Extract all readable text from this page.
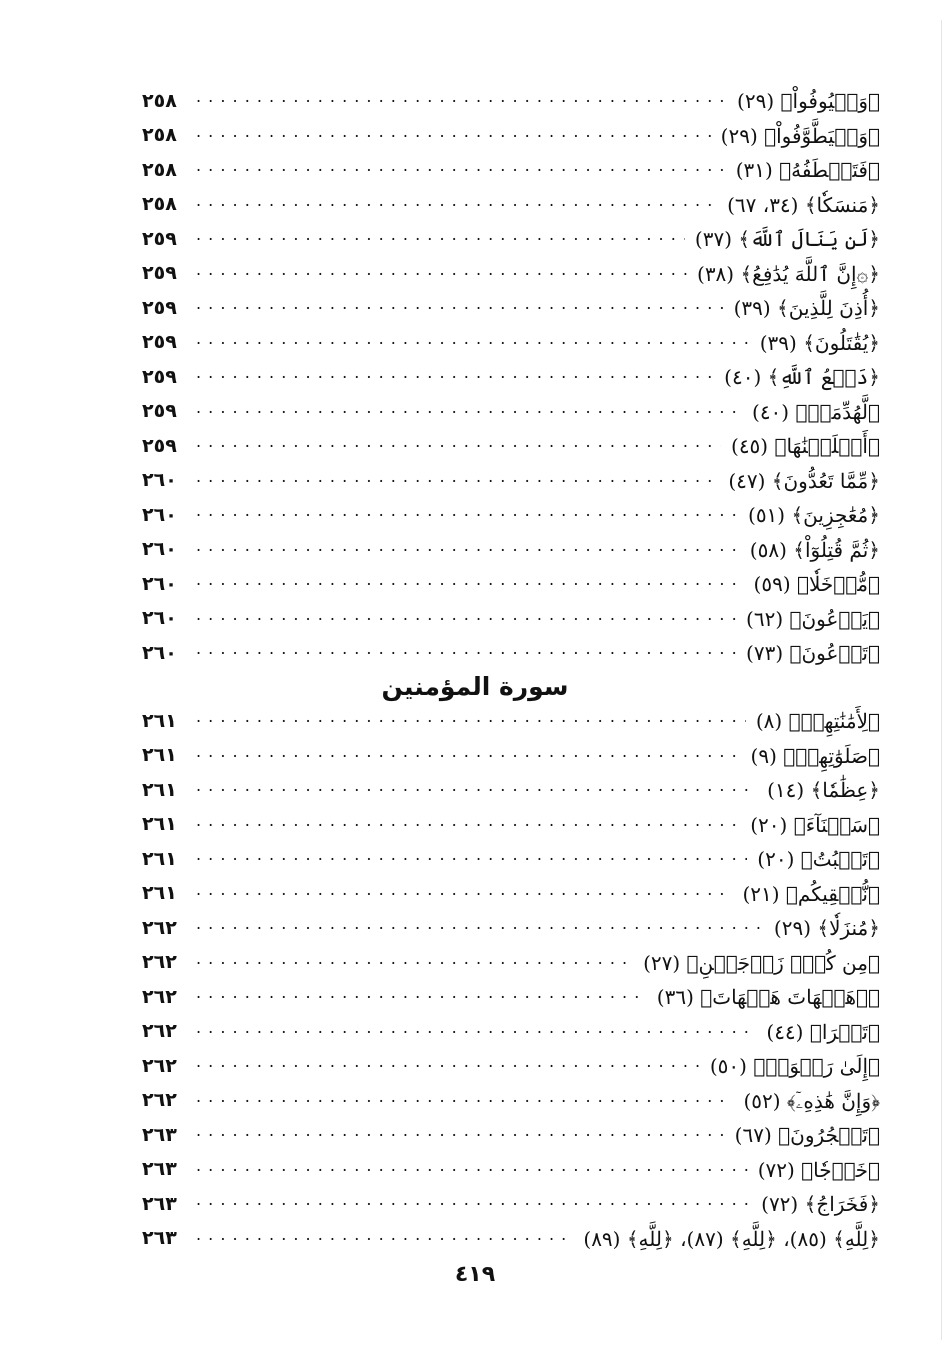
﴿وَلۡيُوفُواْ﴾ (٢٩)
. . .
٢٥٨
﴿وَلۡيَطَّوَّفُواْ﴾ (٢٩)
. . .
٢٥٨
﴿فَتَخۡطَفُهُ﴾ (٣١)
. . .
٢٥٨
﴿مَنسَكٗا﴾ (٣٤، ٦٧)
. . .
٢٥٨
﴿لَن يَنَالَ ٱللَّهَ﴾ (٣٧)
. . .
٢٥٩
﴿۞إِنَّ ٱللَّهَ يُدَٰفِعُ﴾ (٣٨)
. . .
٢٥٩
﴿أُذِنَ لِلَّذِينَ﴾ (٣٩)
. . .
٢٥٩
﴿يُقَٰتَلُونَ﴾ (٣٩)
. . .
٢٥٩
﴿دَفۡعُ ٱللَّهِ﴾ (٤٠)
. . .
٢٥٩
﴿لَّهُدِّمَتۡ﴾ (٤٠)
. . .
٢٥٩
﴿أَهۡلَكۡنَٰهَا﴾ (٤٥)
. . .
٢٥٩
﴿مِّمَّا تَعُدُّونَ﴾ (٤٧)
. . .
٢٦٠
﴿مُعَٰجِزِينَ﴾ (٥١)
. . .
٢٦٠
﴿ثُمَّ قُتِلُوٓاْ﴾ (٥٨)
. . .
٢٦٠
﴿مُّدۡخَلٗا﴾ (٥٩)
. . .
٢٦٠
﴿يَدۡعُونَ﴾ (٦٢)
. . .
٢٦٠
﴿تَدۡعُونَ﴾ (٧٣)
. . .
٢٦٠
سورة المؤمنين
﴿لِأَمَٰنَٰتِهِمۡ﴾ (٨)
. . .
٢٦١
﴿صَلَوَٰتِهِمۡ﴾ (٩)
. . .
٢٦١
﴿عِظَٰمٗا﴾ (١٤)
. . .
٢٦١
﴿سَيۡنَآءَ﴾ (٢٠)
. . .
٢٦١
﴿تَنۢبُتُ﴾ (٢٠)
. . .
٢٦١
﴿نُّسۡقِيكُم﴾ (٢١)
. . .
٢٦١
﴿مُنزَلٗا﴾ (٢٩)
. . .
٢٦٢
﴿مِن كُلّٖ زَوۡجَيۡنِ﴾ (٢٧)
. . .
٢٦٢
﴿۞هَيۡهَاتَ هَيۡهَاتَ﴾ (٣٦)
. . .
٢٦٢
﴿تَتۡرَا﴾ (٤٤)
. . .
٢٦٢
﴿إِلَىٰ رَبۡوَةٖ﴾ (٥٠)
. . .
٢٦٢
﴿وَإِنَّ هَٰذِهِۦٓ﴾ (٥٢)
. . .
٢٦٢
﴿تَهۡجُرُونَ﴾ (٦٧)
. . .
٢٦٣
﴿خَرۡجٗا﴾ (٧٢)
. . .
٢٦٣
﴿فَخَرَاجُ﴾ (٧٢)
. . .
٢٦٣
﴿لِلَّهِ﴾ (٨٥)، ﴿لِلَّهِ﴾ (٨٧)، ﴿لِلَّهِ﴾ (٨٩)
. . .
٢٦٣
٤١٩
